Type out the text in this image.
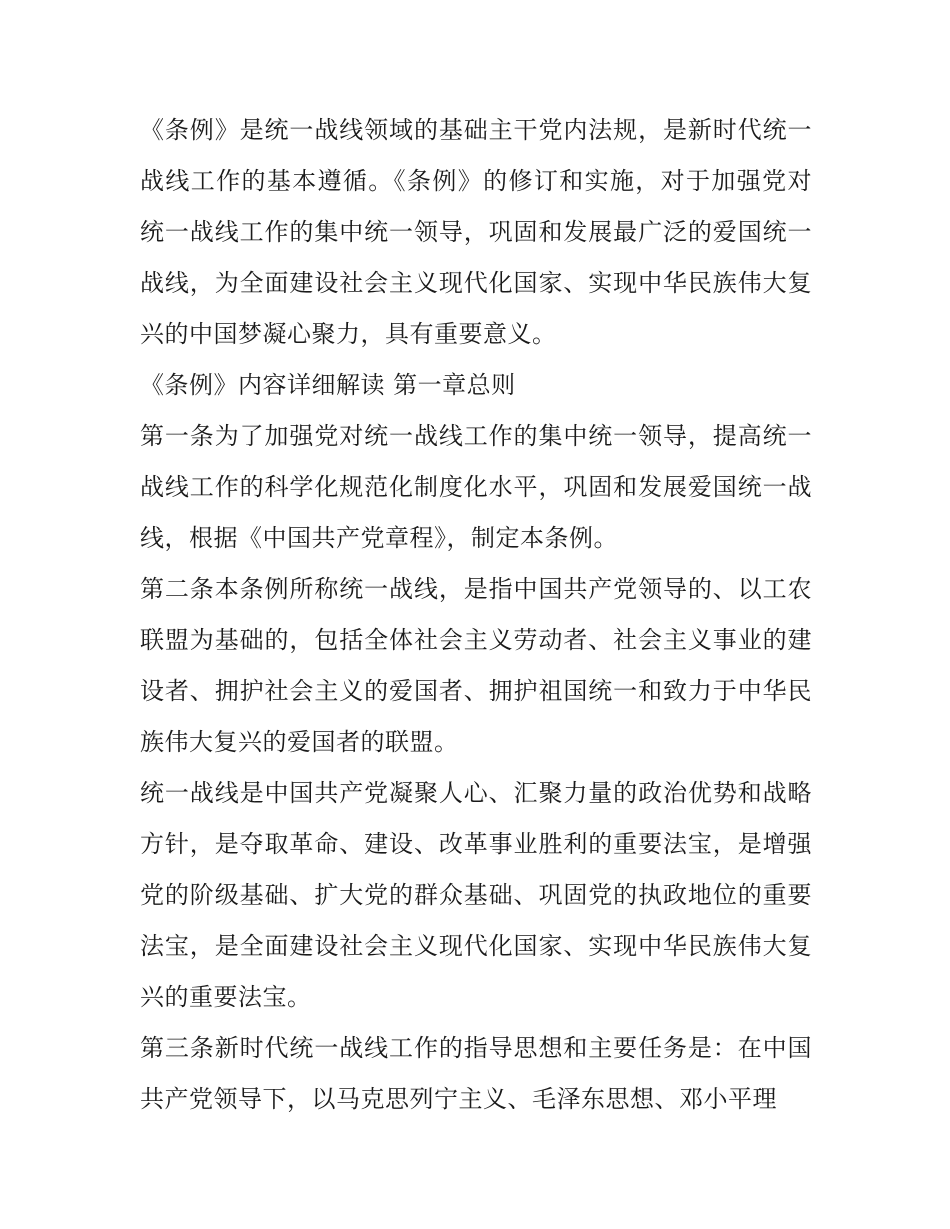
《条例》是统一战线领域的基础主干党内法规，是新时代统一战线工作的基本遵循。《条例》的修订和实施，对于加强党对统一战线工作的集中统一领导，巩固和发展最广泛的爱国统一战线，为全面建设社会主义现代化国家、实现中华民族伟大复兴的中国梦凝心聚力，具有重要意义。

《条例》内容详细解读 第一章总则

第一条为了加强党对统一战线工作的集中统一领导，提高统一战线工作的科学化规范化制度化水平，巩固和发展爱国统一战线，根据《中国共产党章程》，制定本条例。

第二条本条例所称统一战线，是指中国共产党领导的、以工农联盟为基础的，包括全体社会主义劳动者、社会主义事业的建设者、拥护社会主义的爱国者、拥护祖国统一和致力于中华民族伟大复兴的爱国者的联盟。

统一战线是中国共产党凝聚人心、汇聚力量的政治优势和战略方针，是夺取革命、建设、改革事业胜利的重要法宝，是增强党的阶级基础、扩大党的群众基础、巩固党的执政地位的重要法宝，是全面建设社会主义现代化国家、实现中华民族伟大复兴的重要法宝。

第三条新时代统一战线工作的指导思想和主要任务是：在中国共产党领导下，以马克思列宁主义、毛泽东思想、邓小平理
